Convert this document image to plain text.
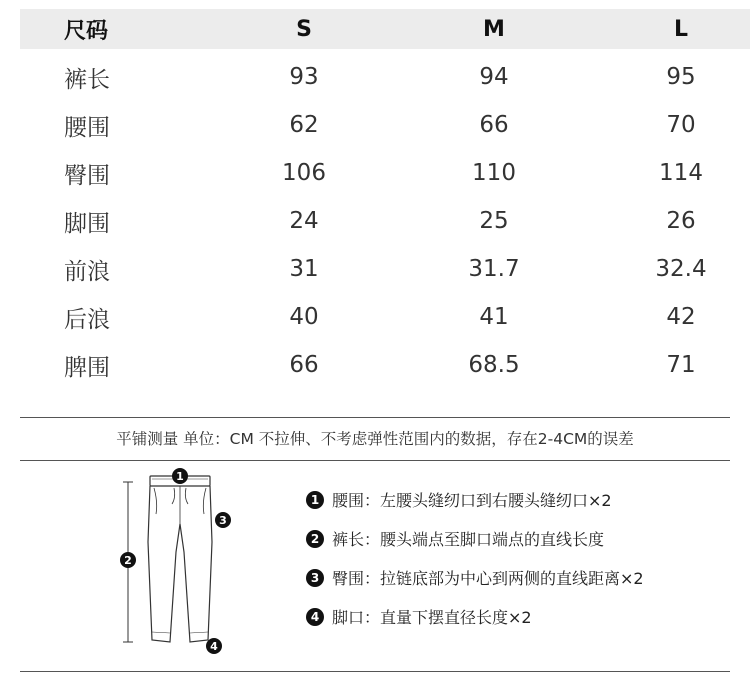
尺码	S	M	L
裤长	93	94	95
腰围	62	66	70
臀围	106	110	114
脚围	24	25	26
前浪	31	31.7	32.4
后浪	40	41	42
脾围	66	68.5	71
平铺测量 单位：CM 不拉伸、不考虑弹性范围内的数据，存在2-4CM的误差
1
2
3
4
1 腰围：左腰头缝纫口到右腰头缝纫口×2
2 裤长：腰头端点至脚口端点的直线长度
3 臀围：拉链底部为中心到两侧的直线距离×2
4 脚口：直量下摆直径长度×2
